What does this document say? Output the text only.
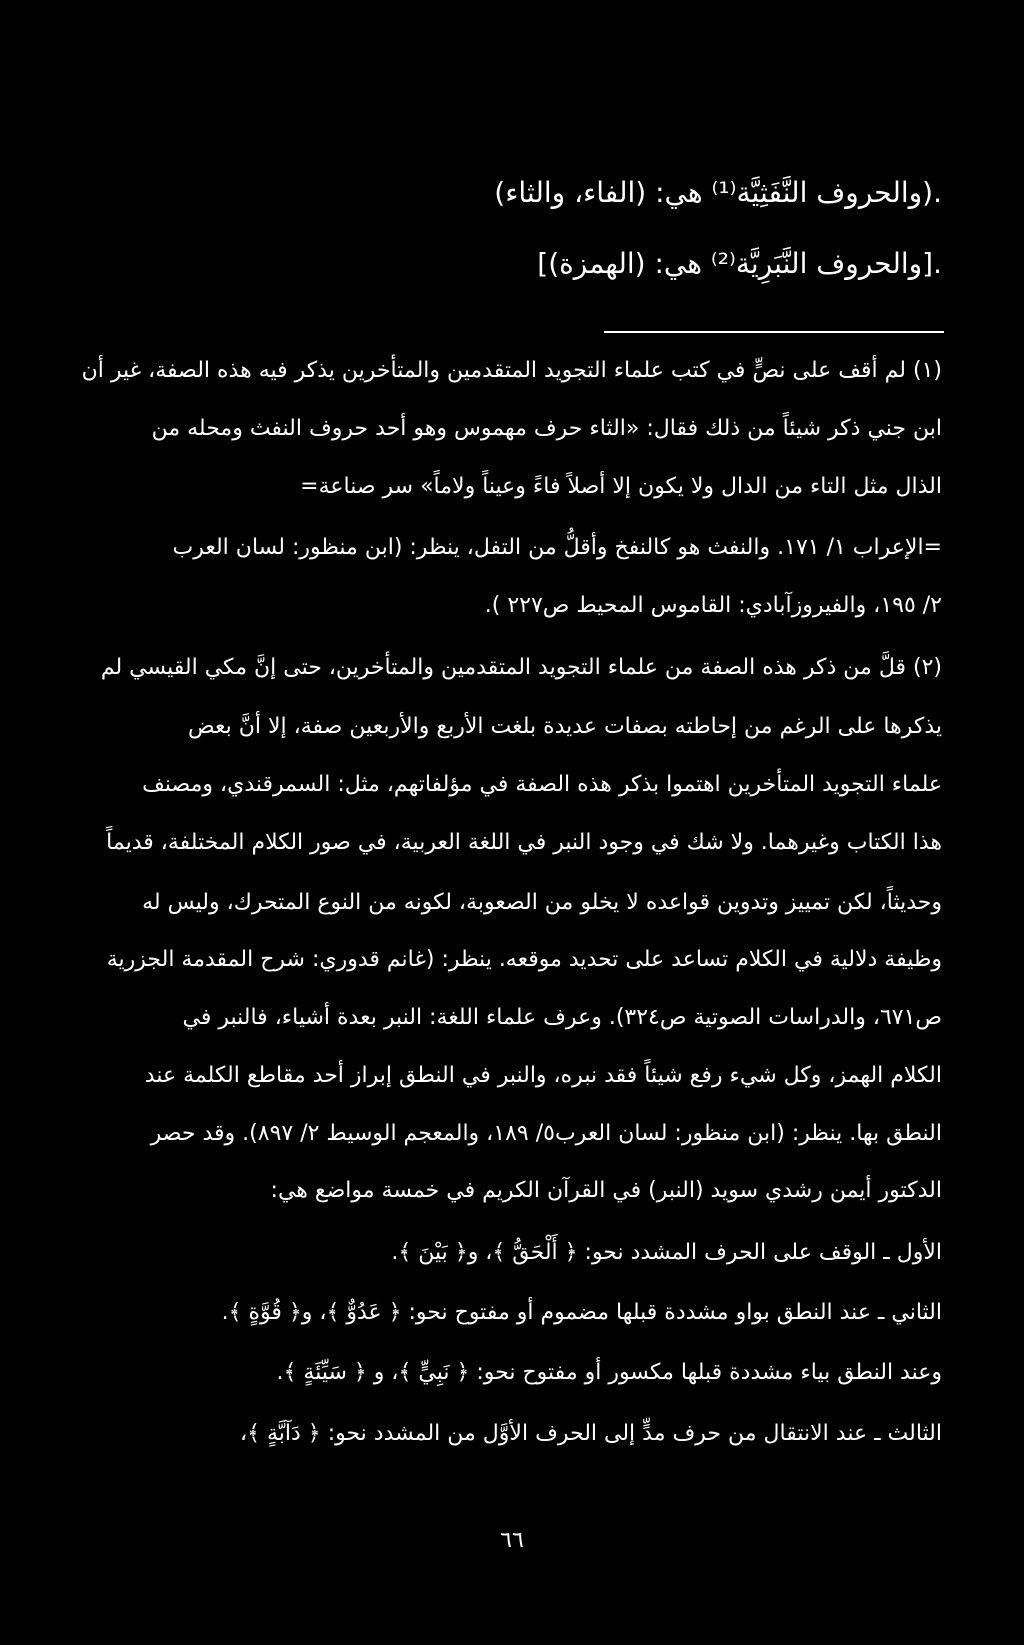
.(والحروف النَّفَثِيَّة⁽¹⁾ هي: (الفاء، والثاء)
.[والحروف النَّبَرِيَّة⁽²⁾ هي: (الهمزة)]
(١) لم أقف على نصٍّ في كتب علماء التجويد المتقدمين والمتأخرين يذكر فيه هذه الصفة، غير أن
ابن جني ذكر شيئاً من ذلك فقال: «الثاء حرف مهموس وهو أحد حروف النفث ومحله من
الذال مثل التاء من الدال ولا يكون إلا أصلاً فاءً وعيناً ولاماً» سر صناعة=
=الإعراب ١/ ١٧١. والنفث هو كالنفخ وأقلُّ من التفل، ينظر: (ابن منظور: لسان العرب
٢/ ١٩٥، والفيروزآبادي: القاموس المحيط ص٢٢٧ ).
(٢) قلَّ من ذكر هذه الصفة من علماء التجويد المتقدمين والمتأخرين، حتى إنَّ مكي القيسي لم
يذكرها على الرغم من إحاطته بصفات عديدة بلغت الأربع والأربعين صفة، إلا أنَّ بعض
علماء التجويد المتأخرين اهتموا بذكر هذه الصفة في مؤلفاتهم، مثل: السمرقندي، ومصنف
هذا الكتاب وغيرهما. ولا شك في وجود النبر في اللغة العربية، في صور الكلام المختلفة، قديماً
وحديثاً، لكن تمييز وتدوين قواعده لا يخلو من الصعوبة، لكونه من النوع المتحرك، وليس له
وظيفة دلالية في الكلام تساعد على تحديد موقعه. ينظر: (غانم قدوري: شرح المقدمة الجزرية
ص٦٧١، والدراسات الصوتية ص٣٢٤). وعرف علماء اللغة: النبر بعدة أشياء، فالنبر في
الكلام الهمز، وكل شيء رفع شيئاً فقد نبره، والنبر في النطق إبراز أحد مقاطع الكلمة عند
النطق بها. ينظر: (ابن منظور: لسان العرب٥/ ١٨٩، والمعجم الوسيط ٢/ ٨٩٧). وقد حصر
الدكتور أيمن رشدي سويد (النبر) في القرآن الكريم في خمسة مواضع هي:
الأول ـ الوقف على الحرف المشدد نحو: ﴿ أَلْحَقُّ ﴾، و﴿ بَيْنَ ﴾.
الثاني ـ عند النطق بواو مشددة قبلها مضموم أو مفتوح نحو: ﴿ عَدُوٌّ ﴾، و﴿ قُوَّةٍ ﴾.
وعند النطق بياء مشددة قبلها مكسور أو مفتوح نحو: ﴿ نَبِيٍّ ﴾، و ﴿ سَيِّئَةٍ ﴾.
الثالث ـ عند الانتقال من حرف مدٍّ إلى الحرف الأوَّل من المشدد نحو: ﴿ دَآبَّةٍ ﴾،
٦٦
